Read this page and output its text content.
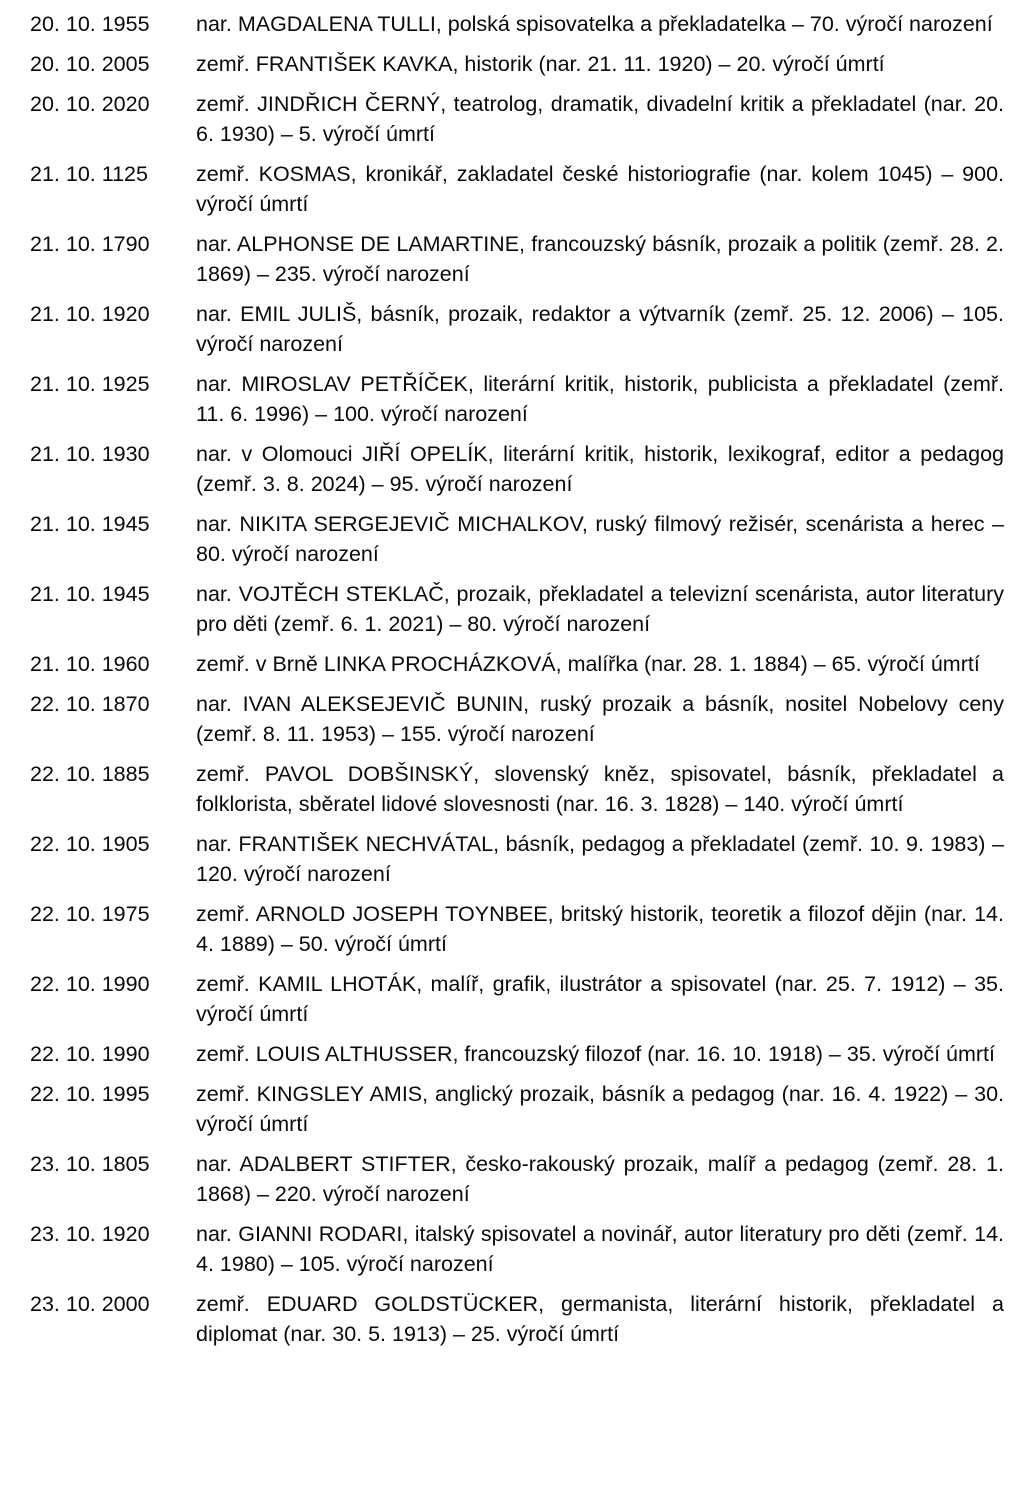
20. 10. 1955	nar. MAGDALENA TULLI, polská spisovatelka a překladatelka – 70. výročí narození
20. 10. 2005	zemř. FRANTIŠEK KAVKA, historik (nar. 21. 11. 1920) – 20. výročí úmrtí
20. 10. 2020	zemř. JINDŘICH ČERNÝ, teatrolog, dramatik, divadelní kritik a překladatel (nar. 20. 6. 1930) – 5. výročí úmrtí
21. 10. 1125	zemř. KOSMAS, kronikář, zakladatel české historiografie (nar. kolem 1045) – 900. výročí úmrtí
21. 10. 1790	nar. ALPHONSE DE LAMARTINE, francouzský básník, prozaik a politik (zemř. 28. 2. 1869) – 235. výročí narození
21. 10. 1920	nar. EMIL JULIŠ, básník, prozaik, redaktor a výtvarník (zemř. 25. 12. 2006) – 105. výročí narození
21. 10. 1925	nar. MIROSLAV PETŘÍČEK, literární kritik, historik, publicista a překladatel (zemř. 11. 6. 1996) – 100. výročí narození
21. 10. 1930	nar. v Olomouci JIŘÍ OPELÍK, literární kritik, historik, lexikograf, editor a pedagog (zemř. 3. 8. 2024) – 95. výročí narození
21. 10. 1945	nar. NIKITA SERGEJEVIČ MICHALKOV, ruský filmový režisér, scenárista a herec – 80. výročí narození
21. 10. 1945	nar. VOJTĚCH STEKLAČ, prozaik, překladatel a televizní scenárista, autor literatury pro děti (zemř. 6. 1. 2021) – 80. výročí narození
21. 10. 1960	zemř. v Brně LINKA PROCHÁZKOVÁ, malířka (nar. 28. 1. 1884) – 65. výročí úmrtí
22. 10. 1870	nar. IVAN ALEKSEJEVIČ BUNIN, ruský prozaik a básník, nositel Nobelovy ceny (zemř. 8. 11. 1953) – 155. výročí narození
22. 10. 1885	zemř. PAVOL DOBŠINSKÝ, slovenský kněz, spisovatel, básník, překladatel a folklorista, sběratel lidové slovesnosti (nar. 16. 3. 1828) – 140. výročí úmrtí
22. 10. 1905	nar. FRANTIŠEK NECHVÁTAL, básník, pedagog a překladatel (zemř. 10. 9. 1983) – 120. výročí narození
22. 10. 1975	zemř. ARNOLD JOSEPH TOYNBEE, britský historik, teoretik a filozof dějin (nar. 14. 4. 1889) – 50. výročí úmrtí
22. 10. 1990	zemř. KAMIL LHOTÁK, malíř, grafik, ilustrátor a spisovatel (nar. 25. 7. 1912) – 35. výročí úmrtí
22. 10. 1990	zemř. LOUIS ALTHUSSER, francouzský filozof (nar. 16. 10. 1918) – 35. výročí úmrtí
22. 10. 1995	zemř. KINGSLEY AMIS, anglický prozaik, básník a pedagog (nar. 16. 4. 1922) – 30. výročí úmrtí
23. 10. 1805	nar. ADALBERT STIFTER, česko-rakouský prozaik, malíř a pedagog (zemř. 28. 1. 1868) – 220. výročí narození
23. 10. 1920	nar. GIANNI RODARI, italský spisovatel a novinář, autor literatury pro děti (zemř. 14. 4. 1980) – 105. výročí narození
23. 10. 2000	zemř. EDUARD GOLDSTÜCKER, germanista, literární historik, překladatel a diplomat (nar. 30. 5. 1913) – 25. výročí úmrtí
